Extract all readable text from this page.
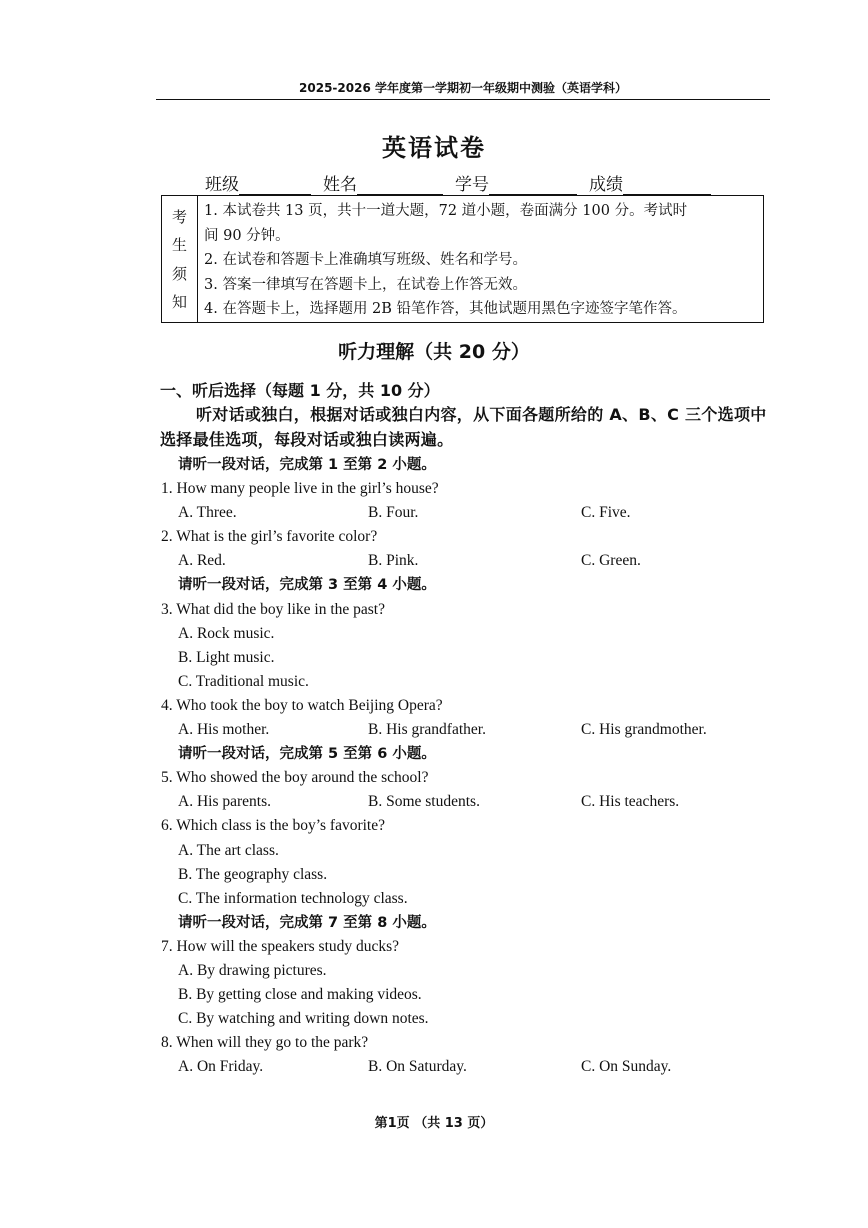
2025-2026 学年度第一学期初一年级期中测验（英语学科）
英语试卷
班级	姓名	学号	成绩
考
生
须
知
1. 本试卷共 13 页，共十一道大题，72 道小题，卷面满分 100 分。考试时
间 90 分钟。
2. 在试卷和答题卡上准确填写班级、姓名和学号。
3. 答案一律填写在答题卡上，在试卷上作答无效。
4. 在答题卡上，选择题用 2B 铅笔作答，其他试题用黑色字迹签字笔作答。
听力理解（共 20 分）
一、听后选择（每题 1 分，共 10 分）
听对话或独白，根据对话或独白内容，从下面各题所给的 A、B、C 三个选项中选择最佳选项，每段对话或独白读两遍。
请听一段对话，完成第 1 至第 2 小题。
1. How many people live in the girl’s house?
A. Three.	B. Four.	C. Five.
2. What is the girl’s favorite color?
A. Red.	B. Pink.	C. Green.
请听一段对话，完成第 3 至第 4 小题。
3. What did the boy like in the past?
A. Rock music.
B. Light music.
C. Traditional music.
4. Who took the boy to watch Beijing Opera?
A. His mother.	B. His grandfather.	C. His grandmother.
请听一段对话，完成第 5 至第 6 小题。
5. Who showed the boy around the school?
A. His parents.	B. Some students.	C. His teachers.
6. Which class is the boy’s favorite?
A. The art class.
B. The geography class.
C. The information technology class.
请听一段对话，完成第 7 至第 8 小题。
7. How will the speakers study ducks?
A. By drawing pictures.
B. By getting close and making videos.
C. By watching and writing down notes.
8. When will they go to the park?
A. On Friday.	B. On Saturday.	C. On Sunday.
第1页 （共 13 页）
